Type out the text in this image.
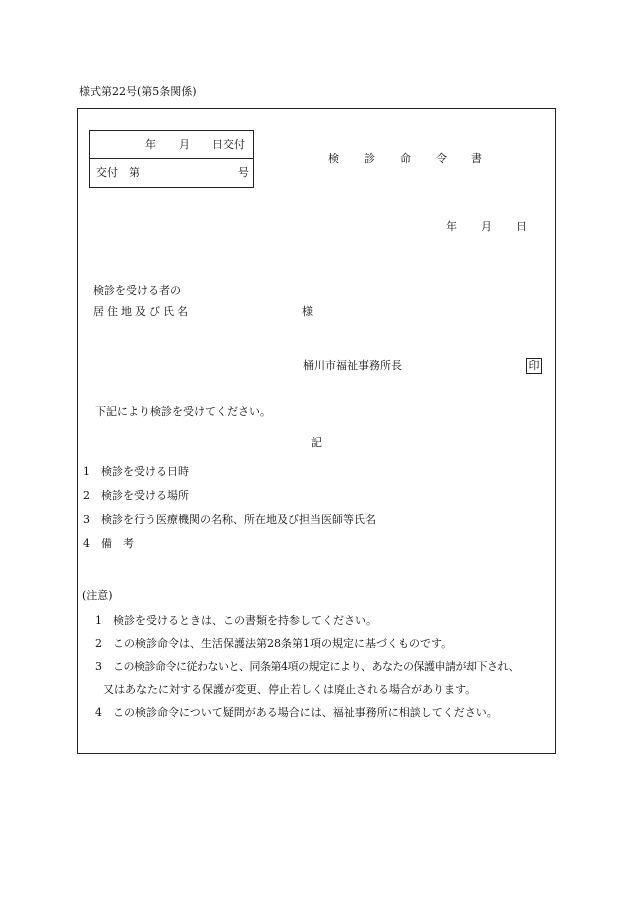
様式第22号(第5条関係)
年 月 日交付
交付 第	号
検 診 命 令 書
年 月 日
検診を受ける者の
居住地及び氏名	様
桶川市福祉事務所長	印
下記により検診を受けてください。
記
1 検診を受ける日時
2 検診を受ける場所
3 検診を行う医療機関の名称、所在地及び担当医師等氏名
4 備　考
(注意)
1 検診を受けるときは、この書類を持参してください。
2 この検診命令は、生活保護法第28条第1項の規定に基づくものです。
3 この検診命令に従わないと、同条第4項の規定により、あなたの保護申請が却下され、
又はあなたに対する保護が変更、停止若しくは廃止される場合があります。
4 この検診命令について疑問がある場合には、福祉事務所に相談してください。
